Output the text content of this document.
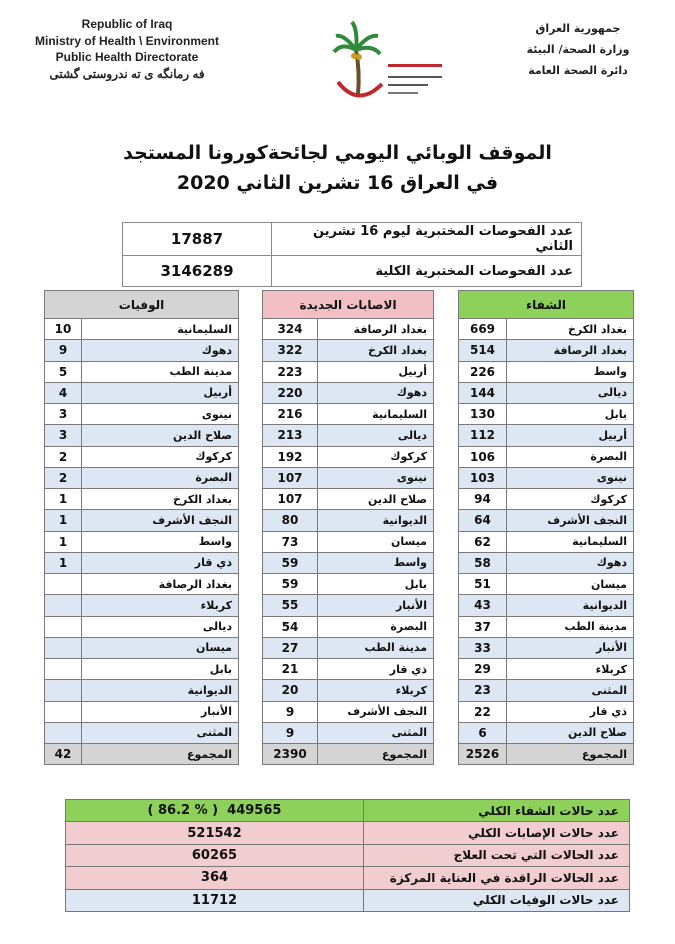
Republic of Iraq
Ministry of Health \ Environment
Public Health Directorate
فه رمانگه ى ته ندروستى گشتى
جمهورية العراق
وزارة الصحة/ البيئة
دائرة الصحة العامة
الموقف الوبائي اليومي لجائحةكورونا المستجد
في العراق 16 تشرين الثاني 2020
17887	عدد الفحوصات المختبرية ليوم 16 تشرين الثاني
3146289	عدد الفحوصات المختبرية الكلية
الشفاء	
669	بغداد الكرخ
514	بغداد الرصافة
226	واسط
144	ديالى
130	بابل
112	أربيل
106	البصرة
103	نينوى
94	كركوك
64	النجف الأشرف
62	السليمانية
58	دهوك
51	ميسان
43	الديوانية
37	مدينة الطب
33	الأنبار
29	كربلاء
23	المثنى
22	ذي قار
6	صلاح الدين
2526	المجموع
الاصابات الجديدة	
324	بغداد الرصافة
322	بغداد الكرخ
223	أربيل
220	دهوك
216	السليمانية
213	ديالى
192	كركوك
107	نينوى
107	صلاح الدين
80	الديوانية
73	ميسان
59	واسط
59	بابل
55	الأنبار
54	البصرة
27	مدينة الطب
21	ذي قار
20	كربلاء
9	النجف الأشرف
9	المثنى
2390	المجموع
الوفيات	
10	السليمانية
9	دهوك
5	مدينة الطب
4	أربيل
3	نينوى
3	صلاح الدين
2	كركوك
2	البصرة
1	بغداد الكرخ
1	النجف الأشرف
1	واسط
1	ذي قار
	بغداد الرصافة
	كربلاء
	ديالى
	ميسان
	بابل
	الديوانية
	الأنبار
	المثنى
42	المجموع
( 86.2 % ) 449565	عدد حالات الشفاء الكلي
521542	عدد حالات الإصابات الكلي
60265	عدد الحالات التي تحت العلاج
364	عدد الحالات الراقدة في العناية المركزة
11712	عدد حالات الوفيات الكلي
